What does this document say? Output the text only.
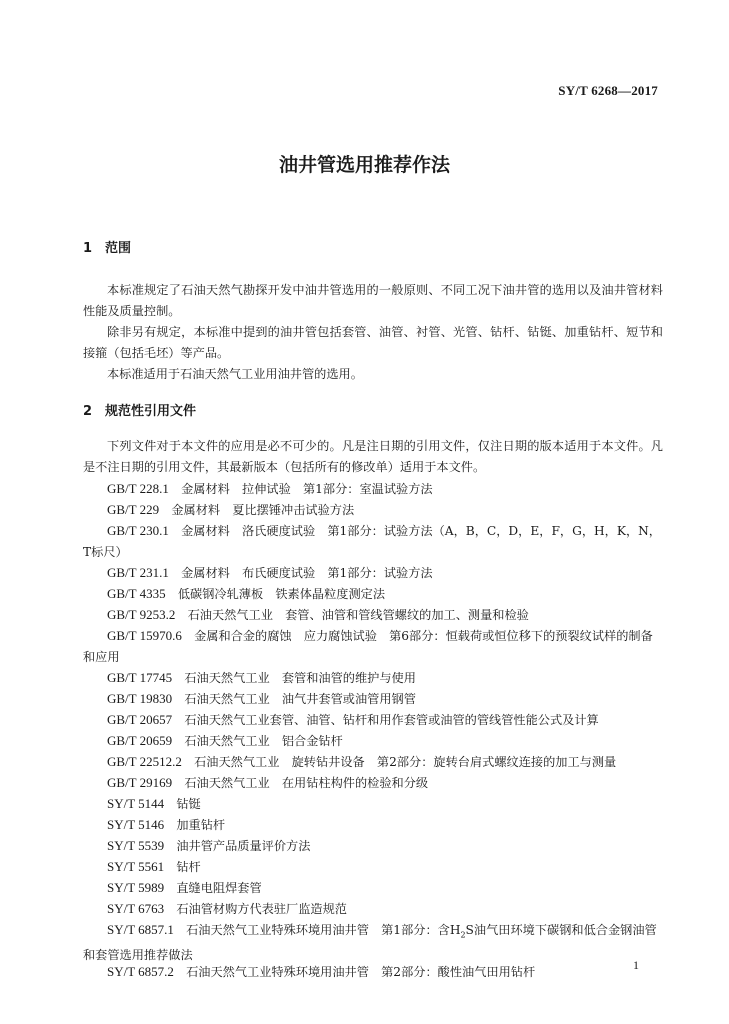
SY/T 6268—2017
油井管选用推荐作法
1 范围
本标准规定了石油天然气勘探开发中油井管选用的一般原则、不同工况下油井管的选用以及油井管材料性能及质量控制。
除非另有规定，本标准中提到的油井管包括套管、油管、衬管、光管、钻杆、钻铤、加重钻杆、短节和接箍（包括毛坯）等产品。
本标准适用于石油天然气工业用油井管的选用。
2 规范性引用文件
下列文件对于本文件的应用是必不可少的。凡是注日期的引用文件，仅注日期的版本适用于本文件。凡是不注日期的引用文件，其最新版本（包括所有的修改单）适用于本文件。
GB/T 228.1　 金属材料　拉伸试验　第1部分：室温试验方法
GB/T 229　 金属材料　夏比摆锤冲击试验方法
GB/T 230.1　 金属材料　洛氏硬度试验　第1部分：试验方法（A，B，C，D，E，F，G，H，K，N，T标尺）
GB/T 231.1　 金属材料　布氏硬度试验　第1部分：试验方法
GB/T 4335　 低碳钢冷轧薄板　铁素体晶粒度测定法
GB/T 9253.2　 石油天然气工业　套管、油管和管线管螺纹的加工、测量和检验
GB/T 15970.6　 金属和合金的腐蚀　应力腐蚀试验　第6部分：恒载荷或恒位移下的预裂纹试样的制备和应用
GB/T 17745　 石油天然气工业　套管和油管的维护与使用
GB/T 19830　 石油天然气工业　油气井套管或油管用钢管
GB/T 20657　 石油天然气工业套管、油管、钻杆和用作套管或油管的管线管性能公式及计算
GB/T 20659　 石油天然气工业　铝合金钻杆
GB/T 22512.2　 石油天然气工业　旋转钻井设备　第2部分：旋转台肩式螺纹连接的加工与测量
GB/T 29169　 石油天然气工业　在用钻柱构件的检验和分级
SY/T 5144　 钻铤
SY/T 5146　 加重钻杆
SY/T 5539　 油井管产品质量评价方法
SY/T 5561　 钻杆
SY/T 5989　 直缝电阻焊套管
SY/T 6763　 石油管材购方代表驻厂监造规范
SY/T 6857.1　 石油天然气工业特殊环境用油井管　第1部分：含$H_2S$油气田环境下碳钢和低合金钢油管和套管选用推荐做法
SY/T 6857.2　 石油天然气工业特殊环境用油井管　第2部分：酸性油气田用钻杆	1
